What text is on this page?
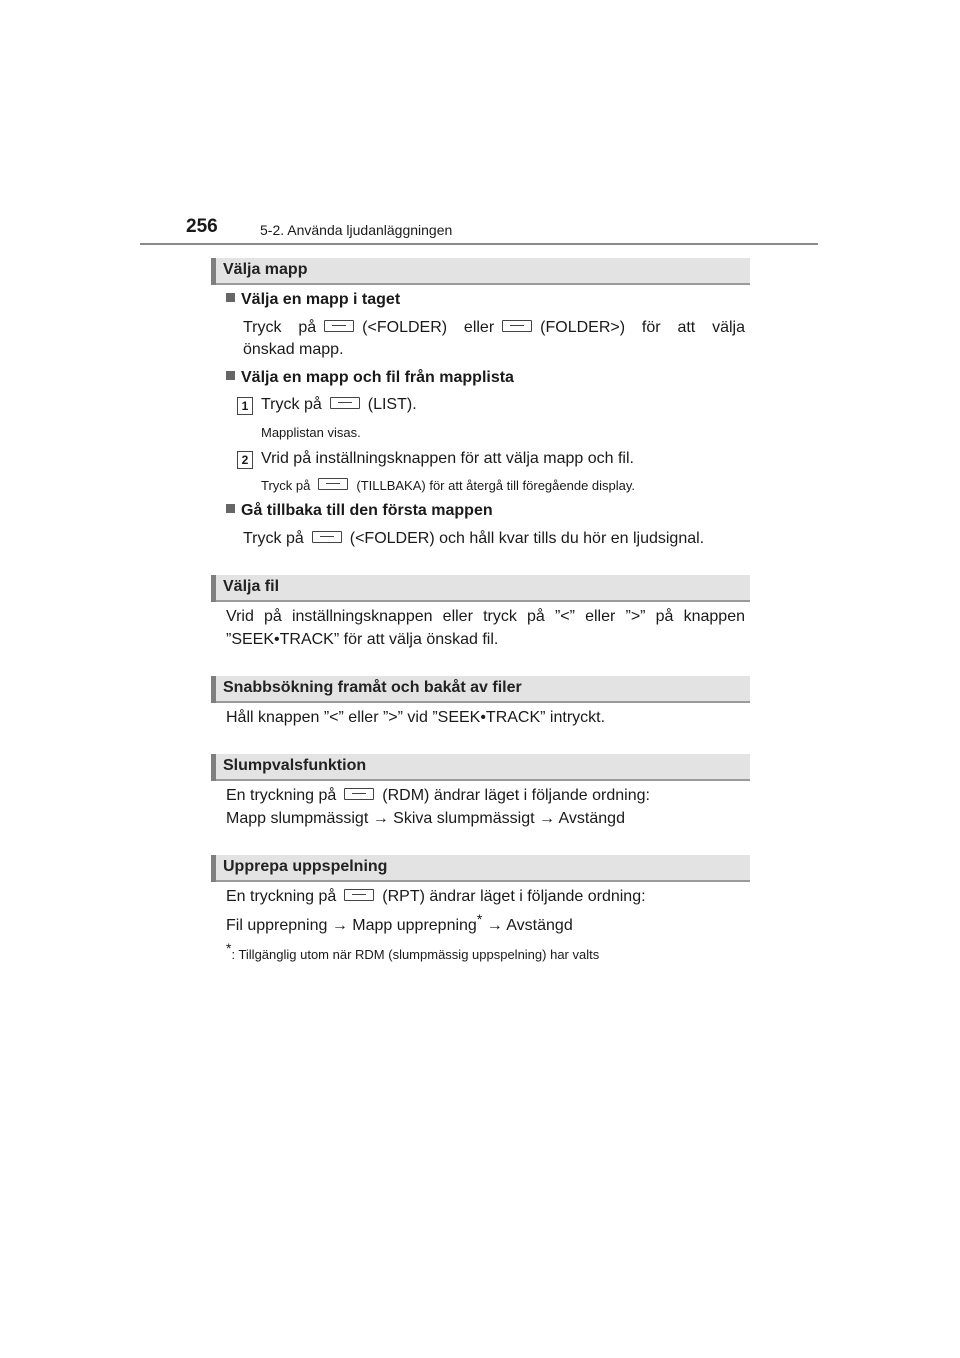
256	5-2. Använda ljudanläggningen
Välja mapp
Välja en mapp i taget
Tryck på	(<FOLDER) eller	(FOLDER>) för att välja
önskad mapp.
Välja en mapp och fil från mapplista
1 Tryck på	(LIST).
Mapplistan visas.
2 Vrid på inställningsknappen för att välja mapp och fil.
Tryck på	(TILLBAKA) för att återgå till föregående display.
Gå tillbaka till den första mappen
Tryck på	(<FOLDER) och håll kvar tills du hör en ljudsignal.
Välja fil
Vrid på inställningsknappen eller tryck på ”<” eller ”>” på knappen
”SEEK•TRACK” för att välja önskad fil.
Snabbsökning framåt och bakåt av filer
Håll knappen ”<” eller ”>” vid ”SEEK•TRACK” intryckt.
Slumpvalsfunktion
En tryckning på	(RDM) ändrar läget i följande ordning:
Mapp slumpmässigt → Skiva slumpmässigt → Avstängd
Upprepa uppspelning
En tryckning på	(RPT) ändrar läget i följande ordning:
Fil upprepning → Mapp upprepning* → Avstängd
*: Tillgänglig utom när RDM (slumpmässig uppspelning) har valts
